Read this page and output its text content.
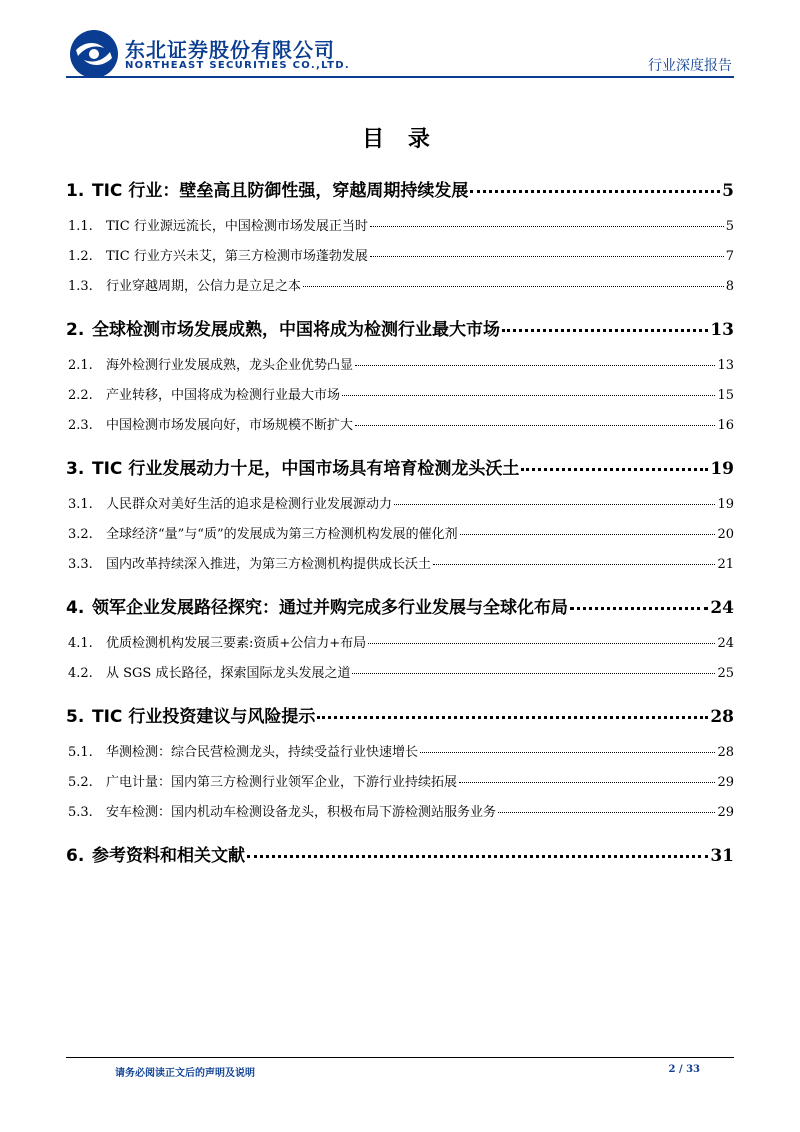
东北证券股份有限公司
NORTHEAST SECURITIES CO.,LTD.	行业深度报告
目 录
1. TIC 行业：壁垒高且防御性强，穿越周期持续发展	5
1.1.	TIC 行业源远流长，中国检测市场发展正当时	5
1.2.	TIC 行业方兴未艾，第三方检测市场蓬勃发展	7
1.3.	行业穿越周期，公信力是立足之本	8
2. 全球检测市场发展成熟，中国将成为检测行业最大市场	13
2.1.	海外检测行业发展成熟，龙头企业优势凸显	13
2.2.	产业转移，中国将成为检测行业最大市场	15
2.3.	中国检测市场发展向好，市场规模不断扩大	16
3. TIC 行业发展动力十足，中国市场具有培育检测龙头沃土	19
3.1.	人民群众对美好生活的追求是检测行业发展源动力	19
3.2.	全球经济“量”与“质”的发展成为第三方检测机构发展的催化剂	20
3.3.	国内改革持续深入推进，为第三方检测机构提供成长沃土	21
4. 领军企业发展路径探究：通过并购完成多行业发展与全球化布局	24
4.1.	优质检测机构发展三要素:资质+公信力+布局	24
4.2.	从 SGS 成长路径，探索国际龙头发展之道	25
5. TIC 行业投资建议与风险提示	28
5.1.	华测检测：综合民营检测龙头，持续受益行业快速增长	28
5.2.	广电计量：国内第三方检测行业领军企业，下游行业持续拓展	29
5.3.	安车检测：国内机动车检测设备龙头，积极布局下游检测站服务业务	29
6. 参考资料和相关文献	31
请务必阅读正文后的声明及说明	2 / 33
